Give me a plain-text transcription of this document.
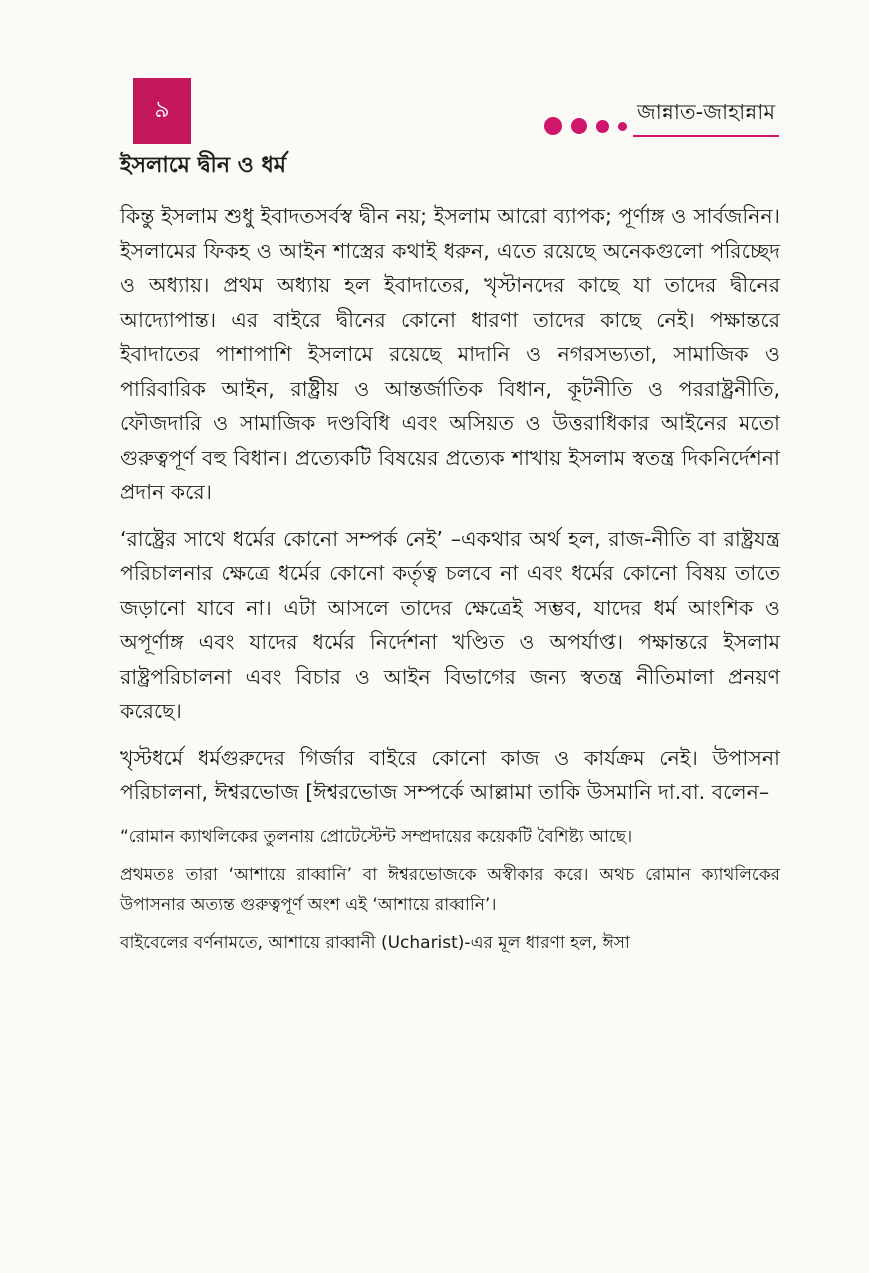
৯	জান্নাত-জাহান্নাম
ইসলামে দ্বীন ও ধর্ম

কিন্তু ইসলাম শুধু ইবাদতসর্বস্ব দ্বীন নয়; ইসলাম আরো ব্যাপক; পূর্ণাঙ্গ ও সার্বজনিন। ইসলামের ফিকহ ও আইন শাস্ত্রের কথাই ধরুন, এতে রয়েছে অনেকগুলো পরিচ্ছেদ ও অধ্যায়। প্রথম অধ্যায় হল ইবাদাতের, খৃস্টানদের কাছে যা তাদের দ্বীনের আদ্যোপান্ত। এর বাইরে দ্বীনের কোনো ধারণা তাদের কাছে নেই। পক্ষান্তরে ইবাদাতের পাশাপাশি ইসলামে রয়েছে মাদানি ও নগরসভ্যতা, সামাজিক ও পারিবারিক আইন, রাষ্ট্রীয় ও আন্তর্জাতিক বিধান, কূটনীতি ও পররাষ্ট্রনীতি, ফৌজদারি ও সামাজিক দণ্ডবিধি এবং অসিয়ত ও উত্তরাধিকার আইনের মতো গুরুত্বপূর্ণ বহু বিধান। প্রত্যেকটি বিষয়ের প্রত্যেক শাখায় ইসলাম স্বতন্ত্র দিকনির্দেশনা প্রদান করে।

‘রাষ্ট্রের সাথে ধর্মের কোনো সম্পর্ক নেই’ –একথার অর্থ হল, রাজ-নীতি বা রাষ্ট্রযন্ত্র পরিচালনার ক্ষেত্রে ধর্মের কোনো কর্তৃত্ব চলবে না এবং ধর্মের কোনো বিষয় তাতে জড়ানো যাবে না। এটা আসলে তাদের ক্ষেত্রেই সম্ভব, যাদের ধর্ম আংশিক ও অপূর্ণাঙ্গ এবং যাদের ধর্মের নির্দেশনা খণ্ডিত ও অপর্যাপ্ত। পক্ষান্তরে ইসলাম রাষ্ট্রপরিচালনা এবং বিচার ও আইন বিভাগের জন্য স্বতন্ত্র নীতিমালা প্রনয়ণ করেছে।

খৃস্টধর্মে ধর্মগুরুদের গির্জার বাইরে কোনো কাজ ও কার্যক্রম নেই। উপাসনা পরিচালনা, ঈশ্বরভোজ [ঈশ্বরভোজ সম্পর্কে আল্লামা তাকি উসমানি দা.বা. বলেন–

“রোমান ক্যাথলিকের তুলনায় প্রোটেস্টেন্ট সম্প্রদায়ের কয়েকটি বৈশিষ্ট্য আছে।

প্রথমতঃ তারা ‘আশায়ে রাব্বানি’ বা ঈশ্বরভোজকে অস্বীকার করে। অথচ রোমান ক্যাথলিকের উপাসনার অত্যন্ত গুরুত্বপূর্ণ অংশ এই ‘আশায়ে রাব্বানি’।

বাইবেলের বর্ণনামতে, আশায়ে রাব্বানী (Ucharist)-এর মূল ধারণা হল, ঈসা
